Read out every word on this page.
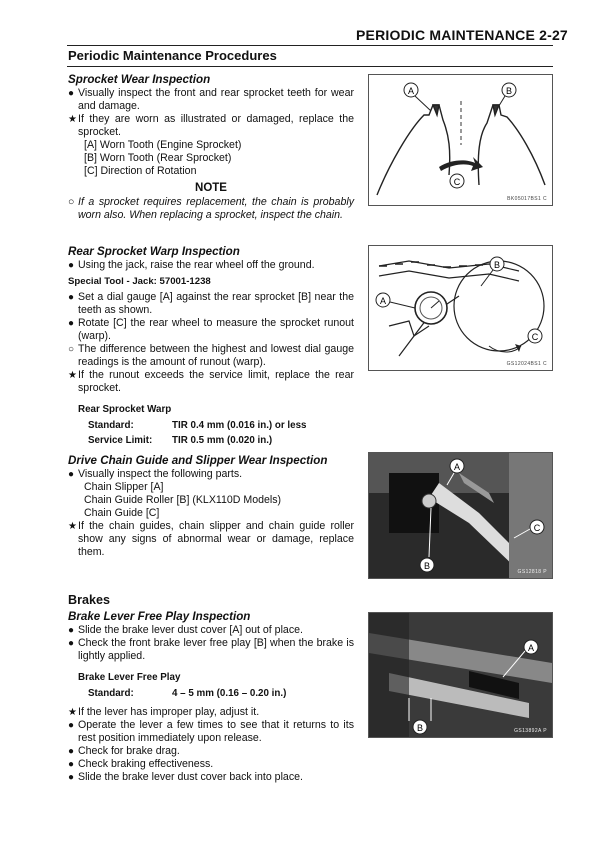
PERIODIC MAINTENANCE 2-27
Periodic Maintenance Procedures
Sprocket Wear Inspection
● Visually inspect the front and rear sprocket teeth for wear and damage.
★ If they are worn as illustrated or damaged, replace the sprocket.
[A] Worn Tooth (Engine Sprocket)
[B] Worn Tooth (Rear Sprocket)
[C] Direction of Rotation
NOTE
○ If a sprocket requires replacement, the chain is probably worn also. When replacing a sprocket, inspect the chain.
A	B
C
BK05017BS1 C
Rear Sprocket Warp Inspection
● Using the jack, raise the rear wheel off the ground.
Special Tool - Jack: 57001-1238
● Set a dial gauge [A] against the rear sprocket [B] near the teeth as shown.
● Rotate [C] the rear wheel to measure the sprocket runout (warp).
○ The difference between the highest and lowest dial gauge readings is the amount of runout (warp).
★ If the runout exceeds the service limit, replace the rear sprocket.
Rear Sprocket Warp
Standard:	TIR 0.4 mm (0.016 in.) or less
Service Limit:	TIR 0.5 mm (0.020 in.)
A
B
C
GS12024BS1 C
Drive Chain Guide and Slipper Wear Inspection
● Visually inspect the following parts.
Chain Slipper [A]
Chain Guide Roller [B] (KLX110D Models)
Chain Guide [C]
★ If the chain guides, chain slipper and chain guide roller show any signs of abnormal wear or damage, replace them.
A
B
C
GS12818 P
Brakes
Brake Lever Free Play Inspection
● Slide the brake lever dust cover [A] out of place.
● Check the front brake lever free play [B] when the brake is lightly applied.
Brake Lever Free Play
Standard:	4 – 5 mm (0.16 – 0.20 in.)
★ If the lever has improper play, adjust it.
● Operate the lever a few times to see that it returns to its rest position immediately upon release.
● Check for brake drag.
● Check braking effectiveness.
● Slide the brake lever dust cover back into place.
A
B	GS13892A P
